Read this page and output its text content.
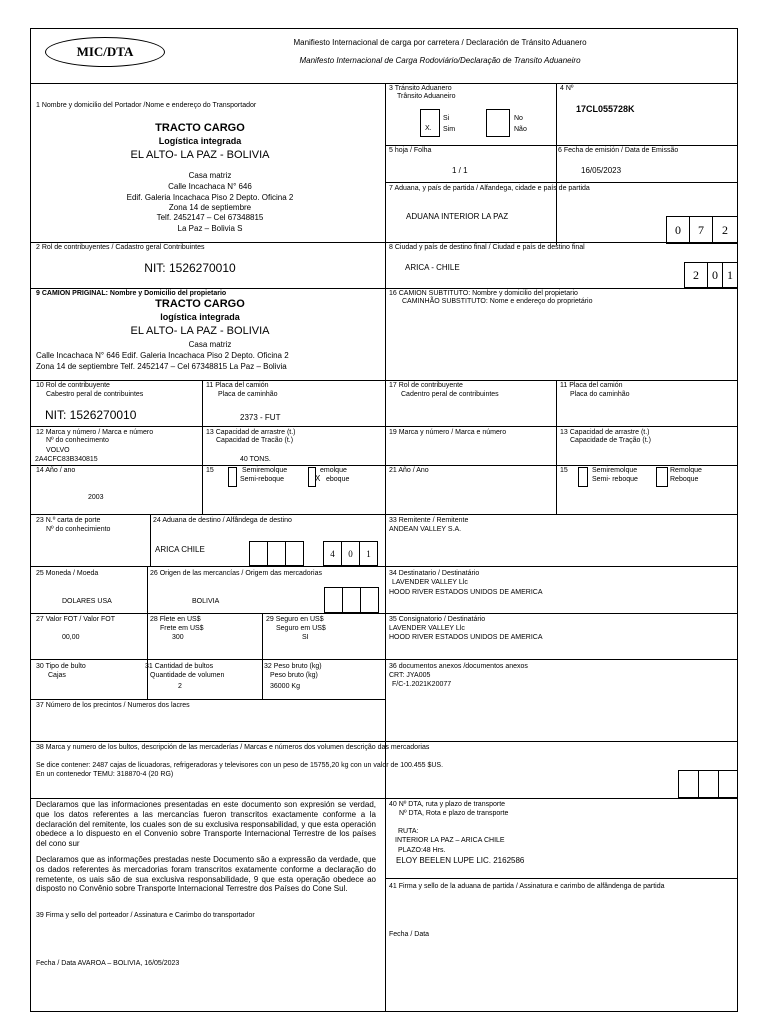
MIC/DTA
Manifiesto Internacional de carga por carretera / Declaración de Tránsito Aduanero
Manifesto Internacional de Carga Rodoviário/Declaração de Transito Aduaneiro
1 Nombre y domicilio del Portador /Nome e endereço do Transportador
TRACTO CARGO
Logística integrada
EL ALTO- LA PAZ - BOLIVIA
Casa matriz
Calle Incachaca N° 646
Edif. Galeria Incachaca Piso 2 Depto. Oficina 2
Zona 14 de septiembre
Telf. 2452147 – Cel 67348815
La Paz – Bolivia S
3 Tránsito Aduanero
Trânsito Aduaneiro
X.
Si
Sim
No
Não
4 Nº
17CL055728K
5 hoja / Folha
1 / 1
6 Fecha de emisión / Data de Emissão
16/05/2023
7 Aduana, y país de partida / Alfandega, cidade e país de partida
ADUANA INTERIOR LA PAZ
0	7	2
2 Rol de contribuyentes / Cadastro geral Contribuintes
NIT: 1526270010
8 Ciudad y país de destino final / Ciudad e país de destino final
ARICA - CHILE	2	0 1
9 CAMION PRIGINAL: Nombre y Domicilio del propietario
TRACTO CARGO
logística integrada
EL ALTO- LA PAZ - BOLIVIA
Casa matriz
Calle Incachaca N° 646 Edif. Galeria Incachaca Piso 2 Depto. Oficina 2
Zona 14 de septiembre Telf. 2452147 – Cel 67348815 La Paz – Bolivia
16 CAMION SUBTITUTO: Nombre y domicilio del propietario
CAMINHÃO SUBSTITUTO: Nome e endereço do proprietário
10 Rol de contribuyente
Cabestro peral de contribuintes
NIT: 1526270010
11 Placa del camión
Placa de caminhão
2373 - FUT
17 Rol de contribuyente
Cadentro peral de contribuintes
11 Placa del camión
Placa do caminhão
12 Marca y número / Marca e número
Nº do conhecimento
VOLVO
2A4CFC83B340815
13 Capacidad de arrastre (t.)
Capacidad de Tracão (t.)
40 TONS.
19 Marca y número / Marca e número	13 Capacidad de arrastre (t.)
Capacidade de Tração (t.)
14 Año / ano
2003
15	Semiremolque
Semi-reboque	X
emolque
eboque
21 Año / Ano	15	Semiremolque
Semi- reboque
Remolque
Reboque
23 N.º carta de porte
Nº do conhecimiento
24 Aduana de destino / Alfândega de destino
ARICA CHILE	4	0	1
33 Remitente / Remitente
ANDEAN VALLEY S.A.
25 Moneda / Moeda
DOLARES USA
26 Origen de las mercancías / Origem das mercadorias
BOLIVIA
34 Destinatario / Destinatário
LAVENDER VALLEY Llc
HOOD RIVER ESTADOS UNIDOS DE AMERICA
27 Valor FOT / Valor FOT
00,00
28 Flete en US$
Frete em US$
300
29 Seguro en US$
Seguro em US$
SI
35 Consignatorio / Destinatário
LAVENDER VALLEY Llc
HOOD RIVER ESTADOS UNIDOS DE AMERICA
30 Tipo de bulto
Cajas
31 Cantidad de bultos
Quantidade de volumen
2
32 Peso bruto (kg)
Peso bruto (kg)
36000 Kg
36 documentos anexos /documentos anexos
CRT: JYA005
F/C-1.2021K20077
37 Número de los precintos / Numeros dos lacres
38 Marca y numero de los bultos, descripción de las mercaderías / Marcas e números dos volumen descrição das mercadorias
Se dice contener: 2487 cajas de licuadoras, refrigeradoras y televisores con un peso de 15755,20 kg con un valor de 100.455 $US.
En un contenedor TEMU: 318870-4 (20 RG)
Declaramos que las informaciones presentadas en este documento son expresión se verdad, que los datos referentes a las mercancías fueron transcritos exactamente conforme a la declaración del remitente, los cuales son de su exclusiva responsabilidad, y que esta operación obedece a lo dispuesto en el Convenio sobre Transporte Internacional Terrestre de los países del cono sur
Declaramos que as informações prestadas neste Documento são a expressão da verdade, que os dados referentes às mercadorias foram transcritos exatamente conforme a declaração do remetente, os uais são de sua exclusiva responsabilidade, 9 que esta operação obedece ao disposto no Convênio sobre Transporte Internacional Terrestre dos Países do Cone Sul.
39 Firma y sello del porteador / Assinatura e Carimbo do transportador
Fecha / Data AVAROA – BOLIVIA, 16/05/2023
40 Nº DTA, ruta y plazo de transporte
Nº DTA, Rota e plazo de transporte
RUTA:
INTERIOR LA PAZ – ARICA CHILE
PLAZO:48 Hrs.
ELOY BEELEN LUPE LIC. 2162586
41 Firma y sello de la aduana de partida / Assinatura e carimbo de alfândenga de partida
Fecha / Data
